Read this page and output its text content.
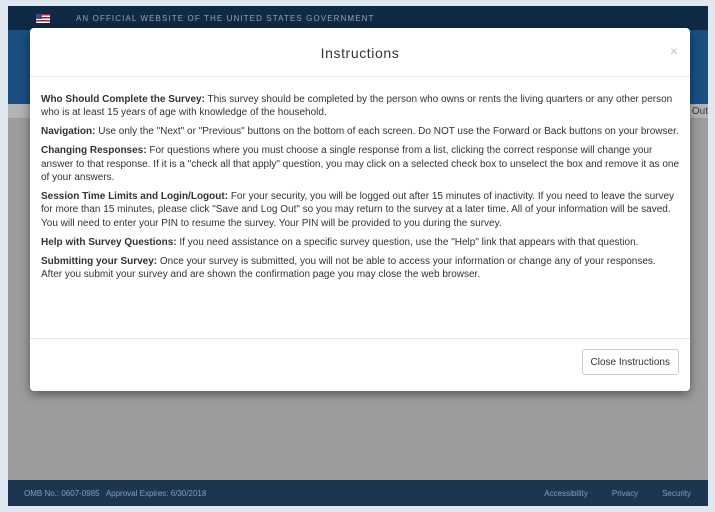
AN OFFICIAL WEBSITE OF THE UNITED STATES GOVERNMENT
Out
OMB No.: 0607-0985   Approval Expires: 6/30/2018	Accessibility	Privacy	Security
Instructions	×

Who Should Complete the Survey: This survey should be completed by the person who owns or rents the living quarters or any other person who is at least 15 years of age with knowledge of the household.

Navigation: Use only the "Next" or "Previous" buttons on the bottom of each screen. Do NOT use the Forward or Back buttons on your browser.

Changing Responses: For questions where you must choose a single response from a list, clicking the correct response will change your answer to that response. If it is a "check all that apply" question, you may click on a selected check box to unselect the box and remove it as one of your answers.

Session Time Limits and Login/Logout: For your security, you will be logged out after 15 minutes of inactivity. If you need to leave the survey for more than 15 minutes, please click "Save and Log Out" so you may return to the survey at a later time. All of your information will be saved. You will need to enter your PIN to resume the survey. Your PIN will be provided to you during the survey.

Help with Survey Questions: If you need assistance on a specific survey question, use the "Help" link that appears with that question.

Submitting your Survey: Once your survey is submitted, you will not be able to access your information or change any of your responses. After you submit your survey and are shown the confirmation page you may close the web browser.

Close Instructions
